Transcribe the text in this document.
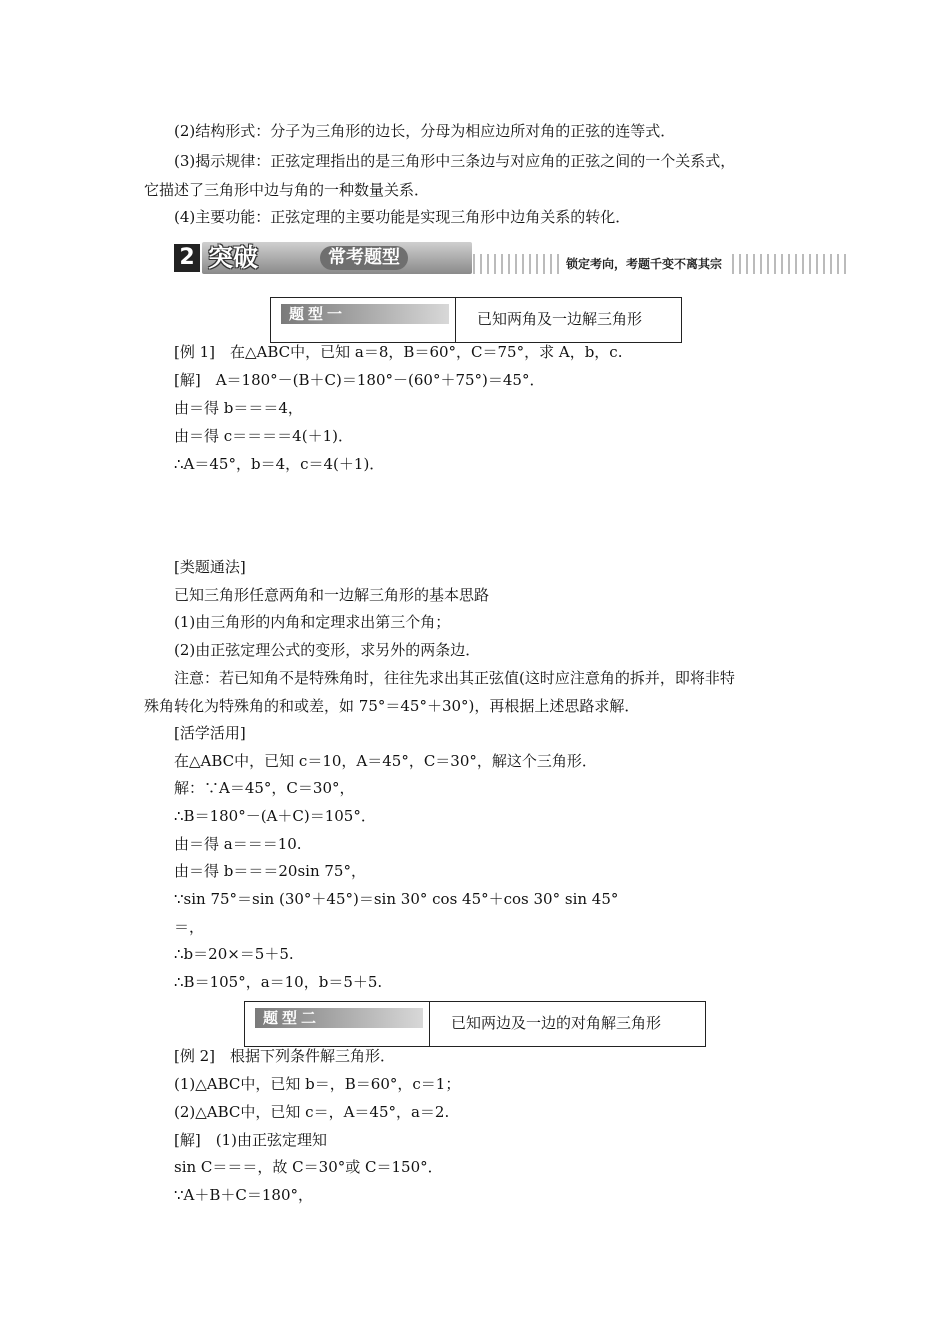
(2)结构形式：分子为三角形的边长，分母为相应边所对角的正弦的连等式．
(3)揭示规律：正弦定理指出的是三角形中三条边与对应角的正弦之间的一个关系式，
它描述了三角形中边与角的一种数量关系．
(4)主要功能：正弦定理的主要功能是实现三角形中边角关系的转化．
2 突破	常考题型	锁定考向，考题千变不离其宗
题型一	已知两角及一边解三角形
[例 1]　在△ABC中，已知 a＝8，B＝60°，C＝75°，求 A，b，c.
[解]　A＝180°－(B＋C)＝180°－(60°＋75°)＝45°．
由＝得 b＝＝＝4，
由＝得 c＝＝＝＝4(＋1)．
∴A＝45°，b＝4，c＝4(＋1)．
[类题通法]
已知三角形任意两角和一边解三角形的基本思路
(1)由三角形的内角和定理求出第三个角；
(2)由正弦定理公式的变形，求另外的两条边．
注意：若已知角不是特殊角时，往往先求出其正弦值(这时应注意角的拆并，即将非特
殊角转化为特殊角的和或差，如 75°＝45°＋30°)，再根据上述思路求解．
[活学活用]
在△ABC中，已知 c＝10，A＝45°，C＝30°，解这个三角形．
解：∵A＝45°，C＝30°，
∴B＝180°－(A＋C)＝105°．
由＝得 a＝＝＝10.
由＝得 b＝＝＝20sin 75°，
∵sin 75°＝sin (30°＋45°)＝sin 30° cos 45°＋cos 30° sin 45°
＝，
∴b＝20×＝5＋5.
∴B＝105°，a＝10，b＝5＋5.
题型二	已知两边及一边的对角解三角形
[例 2]　根据下列条件解三角形．
(1)△ABC中，已知 b＝，B＝60°，c＝1；
(2)△ABC中，已知 c＝，A＝45°，a＝2.
[解]　(1)由正弦定理知
sin C＝＝＝，故 C＝30°或 C＝150°．
∵A＋B＋C＝180°，
